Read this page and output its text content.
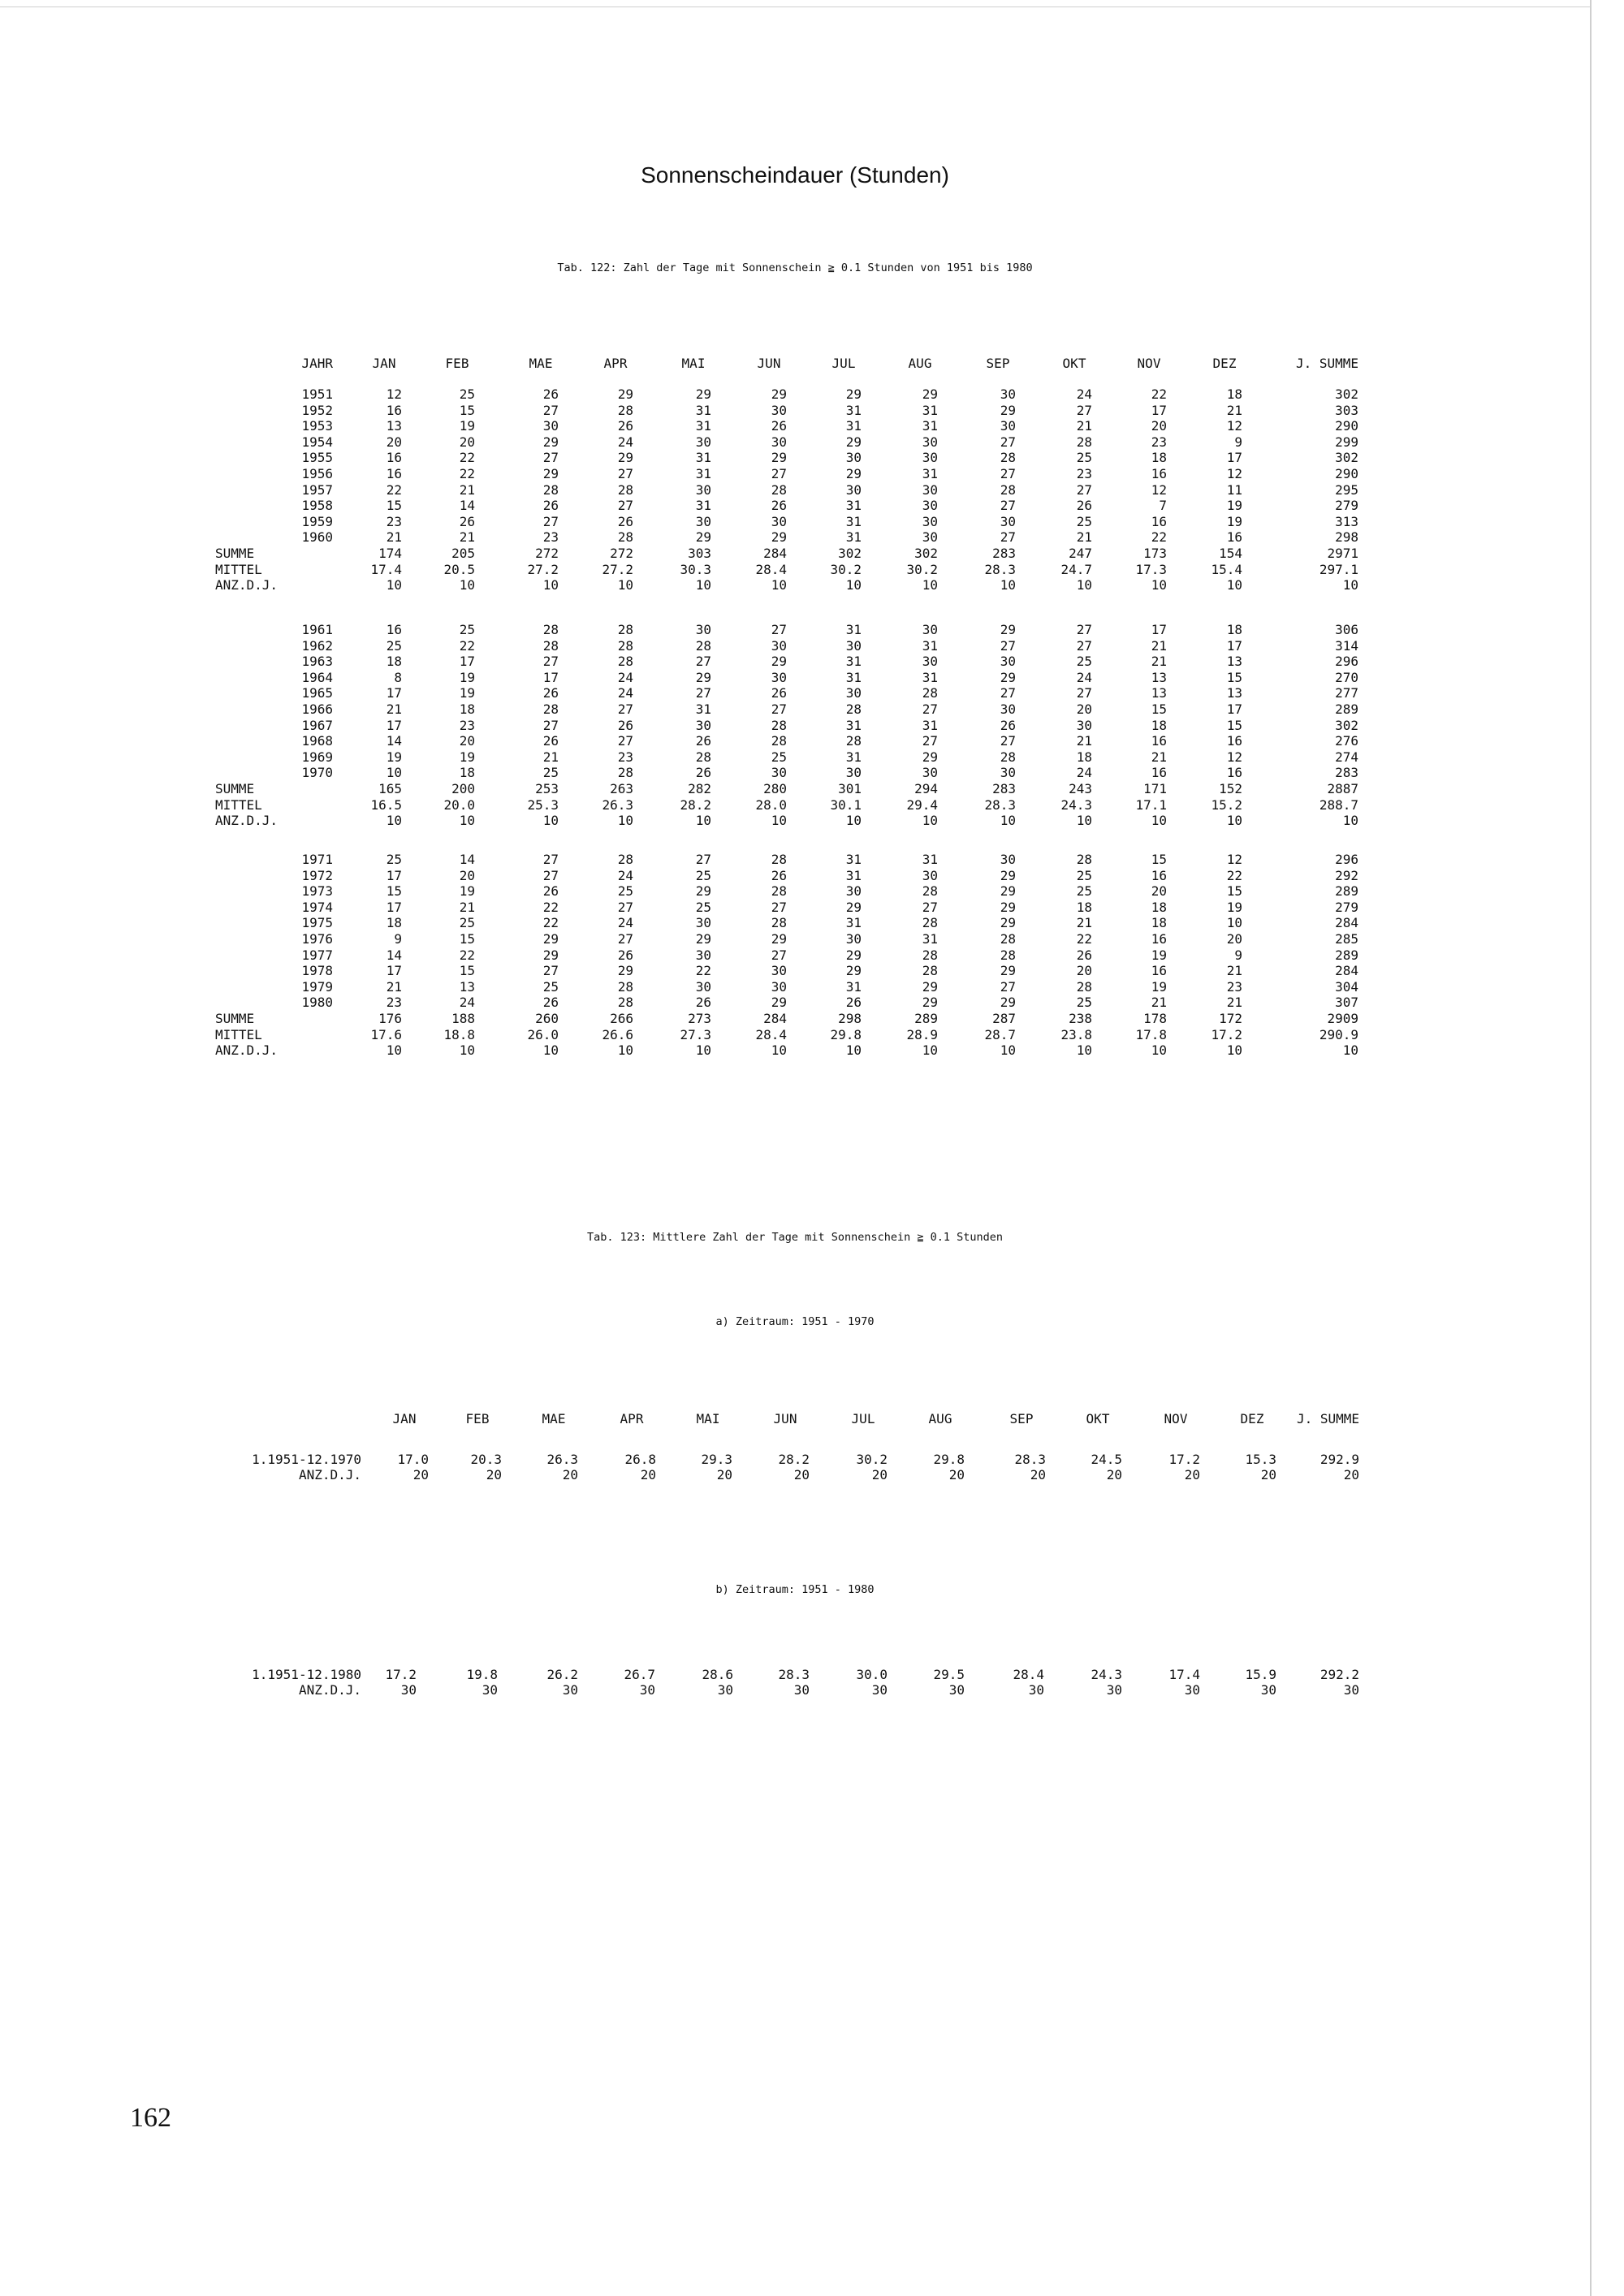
Sonnenscheindauer (Stunden)
Tab. 122: Zahl der Tage mit Sonnenschein ≧ 0.1 Stunden von 1951 bis 1980
JAHR	JAN	FEB	MAE	APR	MAI	JUN	JUL	AUG	SEP	OKT	NOV	DEZ	J. SUMME
1951	12	25	26	29	29	29	29	29	30	24	22	18	302
1952	16	15	27	28	31	30	31	31	29	27	17	21	303
1953	13	19	30	26	31	26	31	31	30	21	20	12	290
1954	20	20	29	24	30	30	29	30	27	28	23	9	299
1955	16	22	27	29	31	29	30	30	28	25	18	17	302
1956	16	22	29	27	31	27	29	31	27	23	16	12	290
1957	22	21	28	28	30	28	30	30	28	27	12	11	295
1958	15	14	26	27	31	26	31	30	27	26	7	19	279
1959	23	26	27	26	30	30	31	30	30	25	16	19	313
1960	21	21	23	28	29	29	31	30	27	21	22	16	298
SUMME	174	205	272	272	303	284	302	302	283	247	173	154	2971
MITTEL	17.4	20.5	27.2	27.2	30.3	28.4	30.2	30.2	28.3	24.7	17.3	15.4	297.1
ANZ.D.J.	10	10	10	10	10	10	10	10	10	10	10	10	10
1961	16	25	28	28	30	27	31	30	29	27	17	18	306
1962	25	22	28	28	28	30	30	31	27	27	21	17	314
1963	18	17	27	28	27	29	31	30	30	25	21	13	296
1964	8	19	17	24	29	30	31	31	29	24	13	15	270
1965	17	19	26	24	27	26	30	28	27	27	13	13	277
1966	21	18	28	27	31	27	28	27	30	20	15	17	289
1967	17	23	27	26	30	28	31	31	26	30	18	15	302
1968	14	20	26	27	26	28	28	27	27	21	16	16	276
1969	19	19	21	23	28	25	31	29	28	18	21	12	274
1970	10	18	25	28	26	30	30	30	30	24	16	16	283
SUMME	165	200	253	263	282	280	301	294	283	243	171	152	2887
MITTEL	16.5	20.0	25.3	26.3	28.2	28.0	30.1	29.4	28.3	24.3	17.1	15.2	288.7
ANZ.D.J.	10	10	10	10	10	10	10	10	10	10	10	10	10
1971	25	14	27	28	27	28	31	31	30	28	15	12	296
1972	17	20	27	24	25	26	31	30	29	25	16	22	292
1973	15	19	26	25	29	28	30	28	29	25	20	15	289
1974	17	21	22	27	25	27	29	27	29	18	18	19	279
1975	18	25	22	24	30	28	31	28	29	21	18	10	284
1976	9	15	29	27	29	29	30	31	28	22	16	20	285
1977	14	22	29	26	30	27	29	28	28	26	19	9	289
1978	17	15	27	29	22	30	29	28	29	20	16	21	284
1979	21	13	25	28	30	30	31	29	27	28	19	23	304
1980	23	24	26	28	26	29	26	29	29	25	21	21	307
SUMME	176	188	260	266	273	284	298	289	287	238	178	172	2909
MITTEL	17.6	18.8	26.0	26.6	27.3	28.4	29.8	28.9	28.7	23.8	17.8	17.2	290.9
ANZ.D.J.	10	10	10	10	10	10	10	10	10	10	10	10	10
Tab. 123: Mittlere Zahl der Tage mit Sonnenschein ≧ 0.1 Stunden
a) Zeitraum: 1951 - 1970
JAN	FEB	MAE	APR	MAI	JUN	JUL	AUG	SEP	OKT	NOV	DEZ	J. SUMME
1.1951-12.1970	17.0	20.3	26.3	26.8	29.3	28.2	30.2	29.8	28.3	24.5	17.2	15.3	292.9
ANZ.D.J.	20	20	20	20	20	20	20	20	20	20	20	20	20
b) Zeitraum: 1951 - 1980
1.1951-12.1980	17.2	19.8	26.2	26.7	28.6	28.3	30.0	29.5	28.4	24.3	17.4	15.9	292.2
ANZ.D.J.	30	30	30	30	30	30	30	30	30	30	30	30	30
162
